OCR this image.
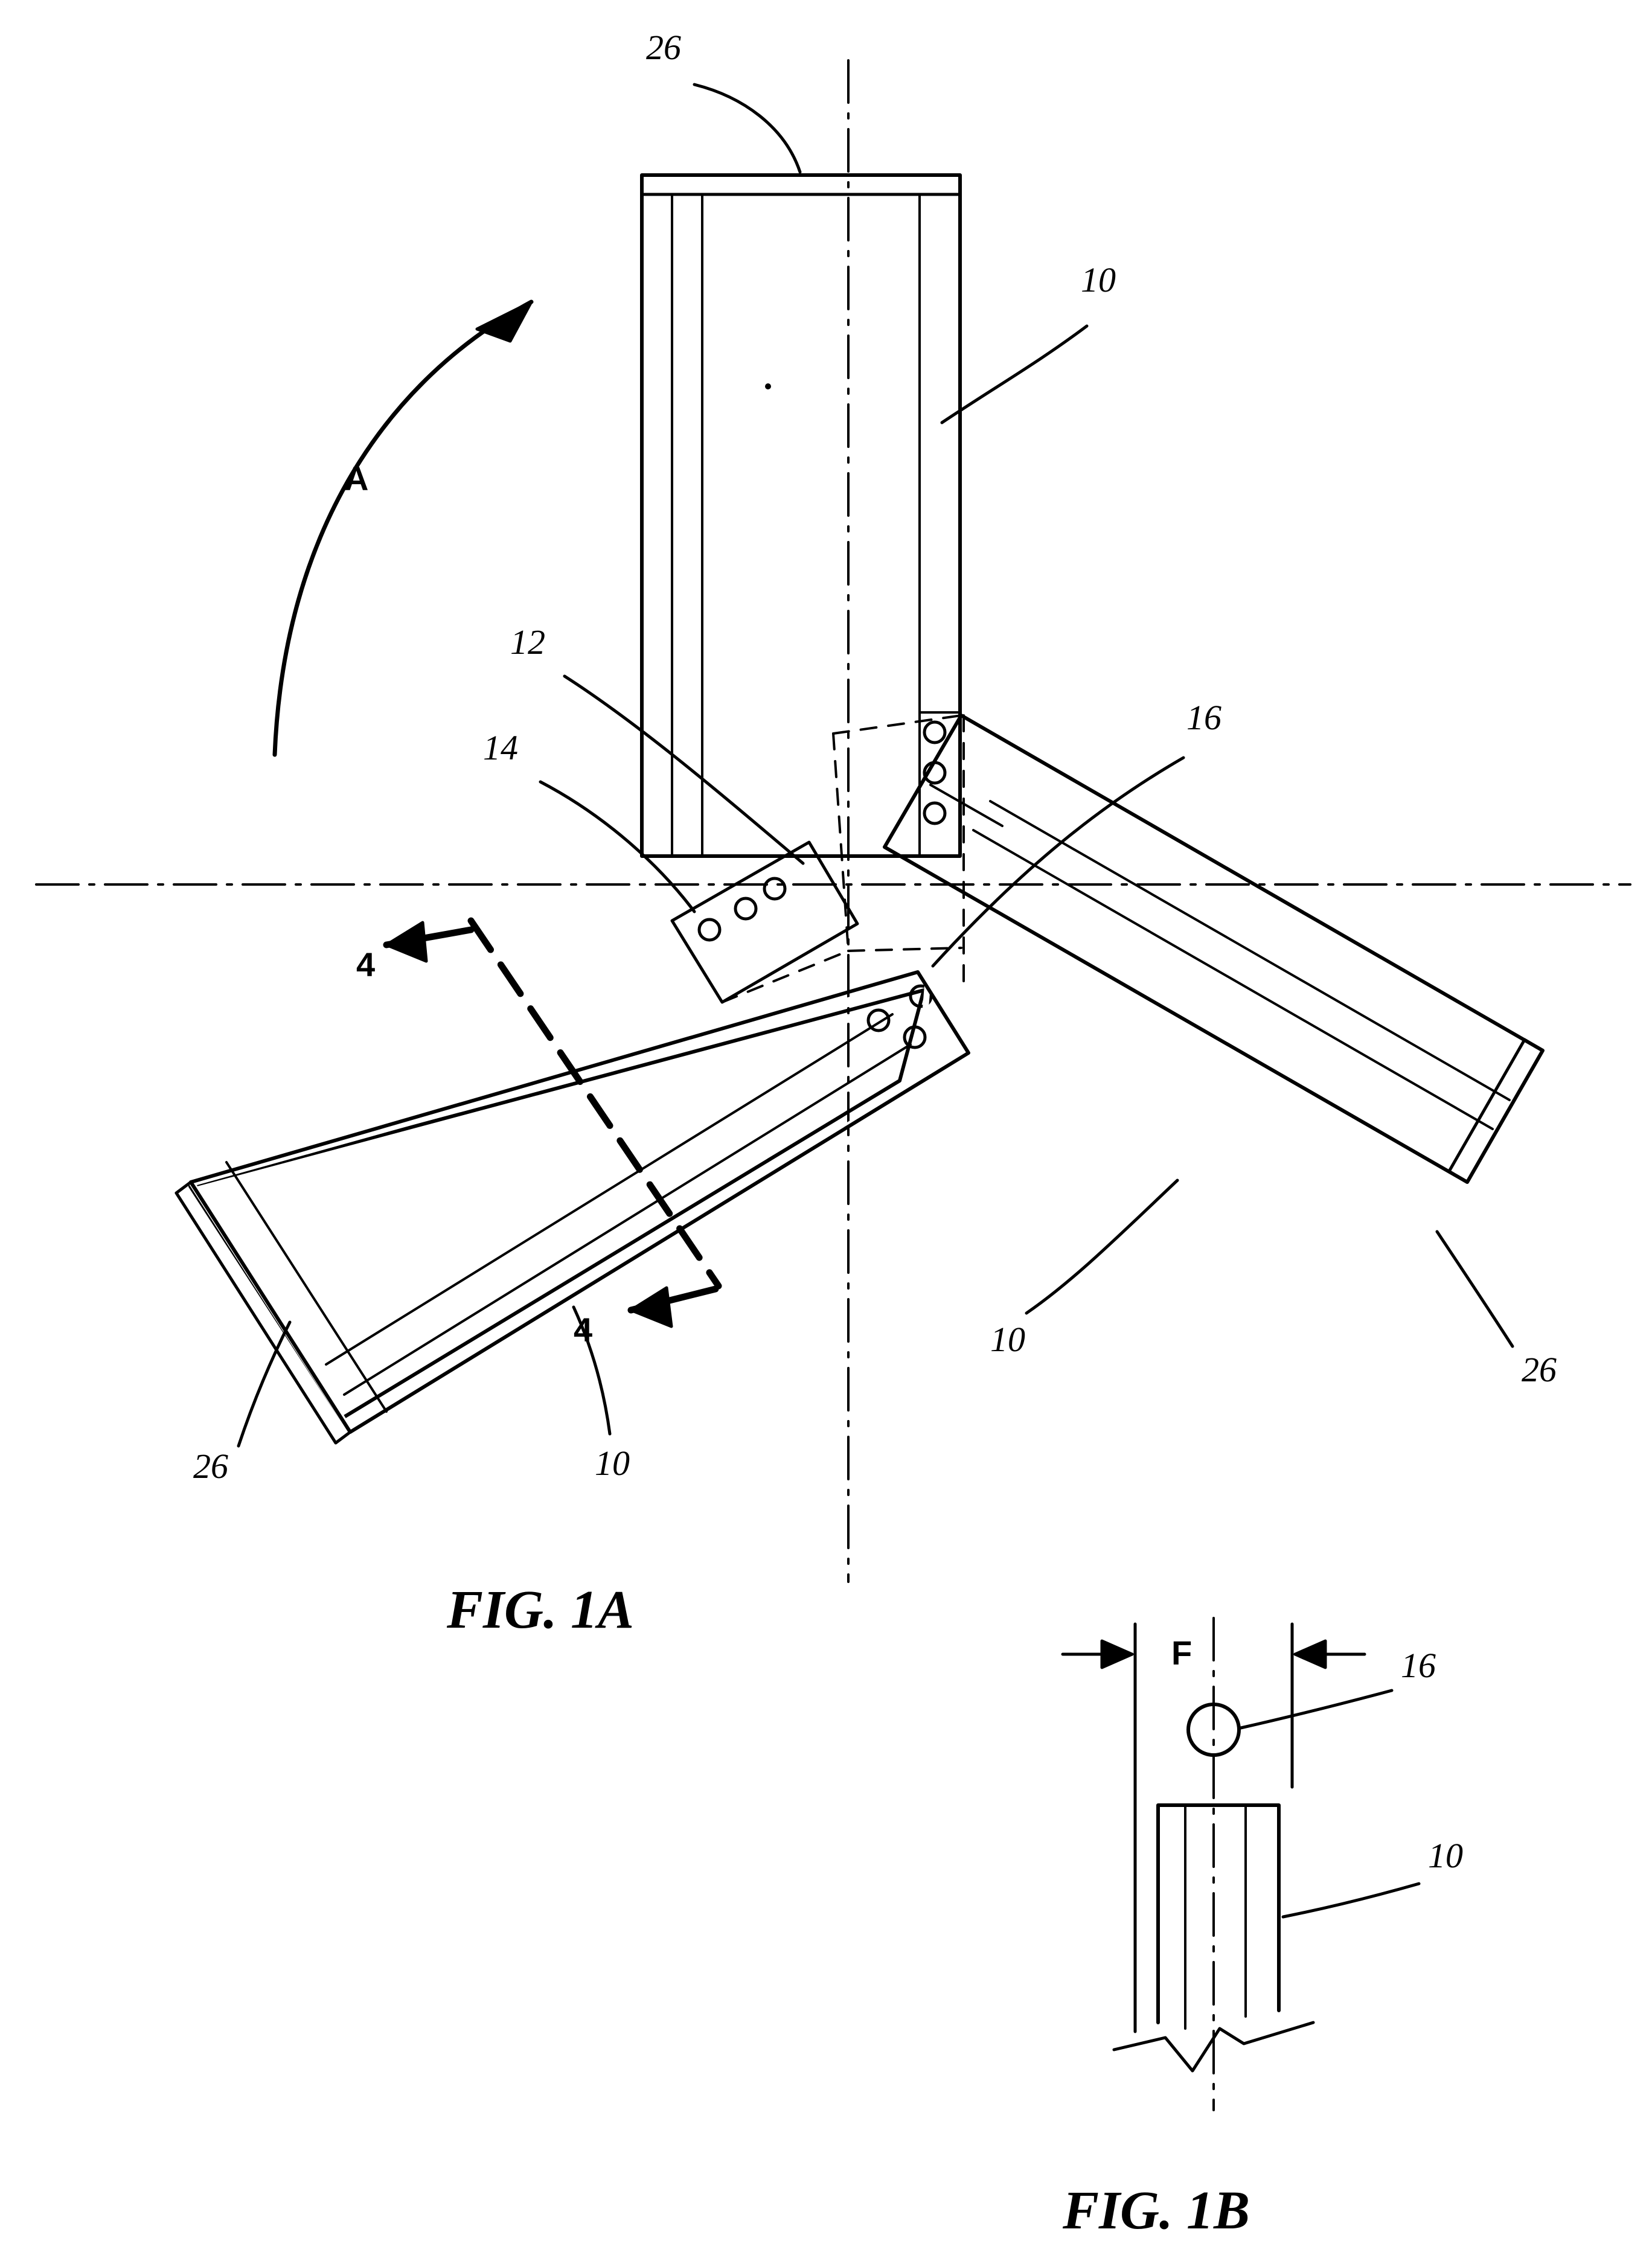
26
10
A
12
14
16
4
4	10
26
26	10
F	16
10
FIG. 1A
FIG. 1B
